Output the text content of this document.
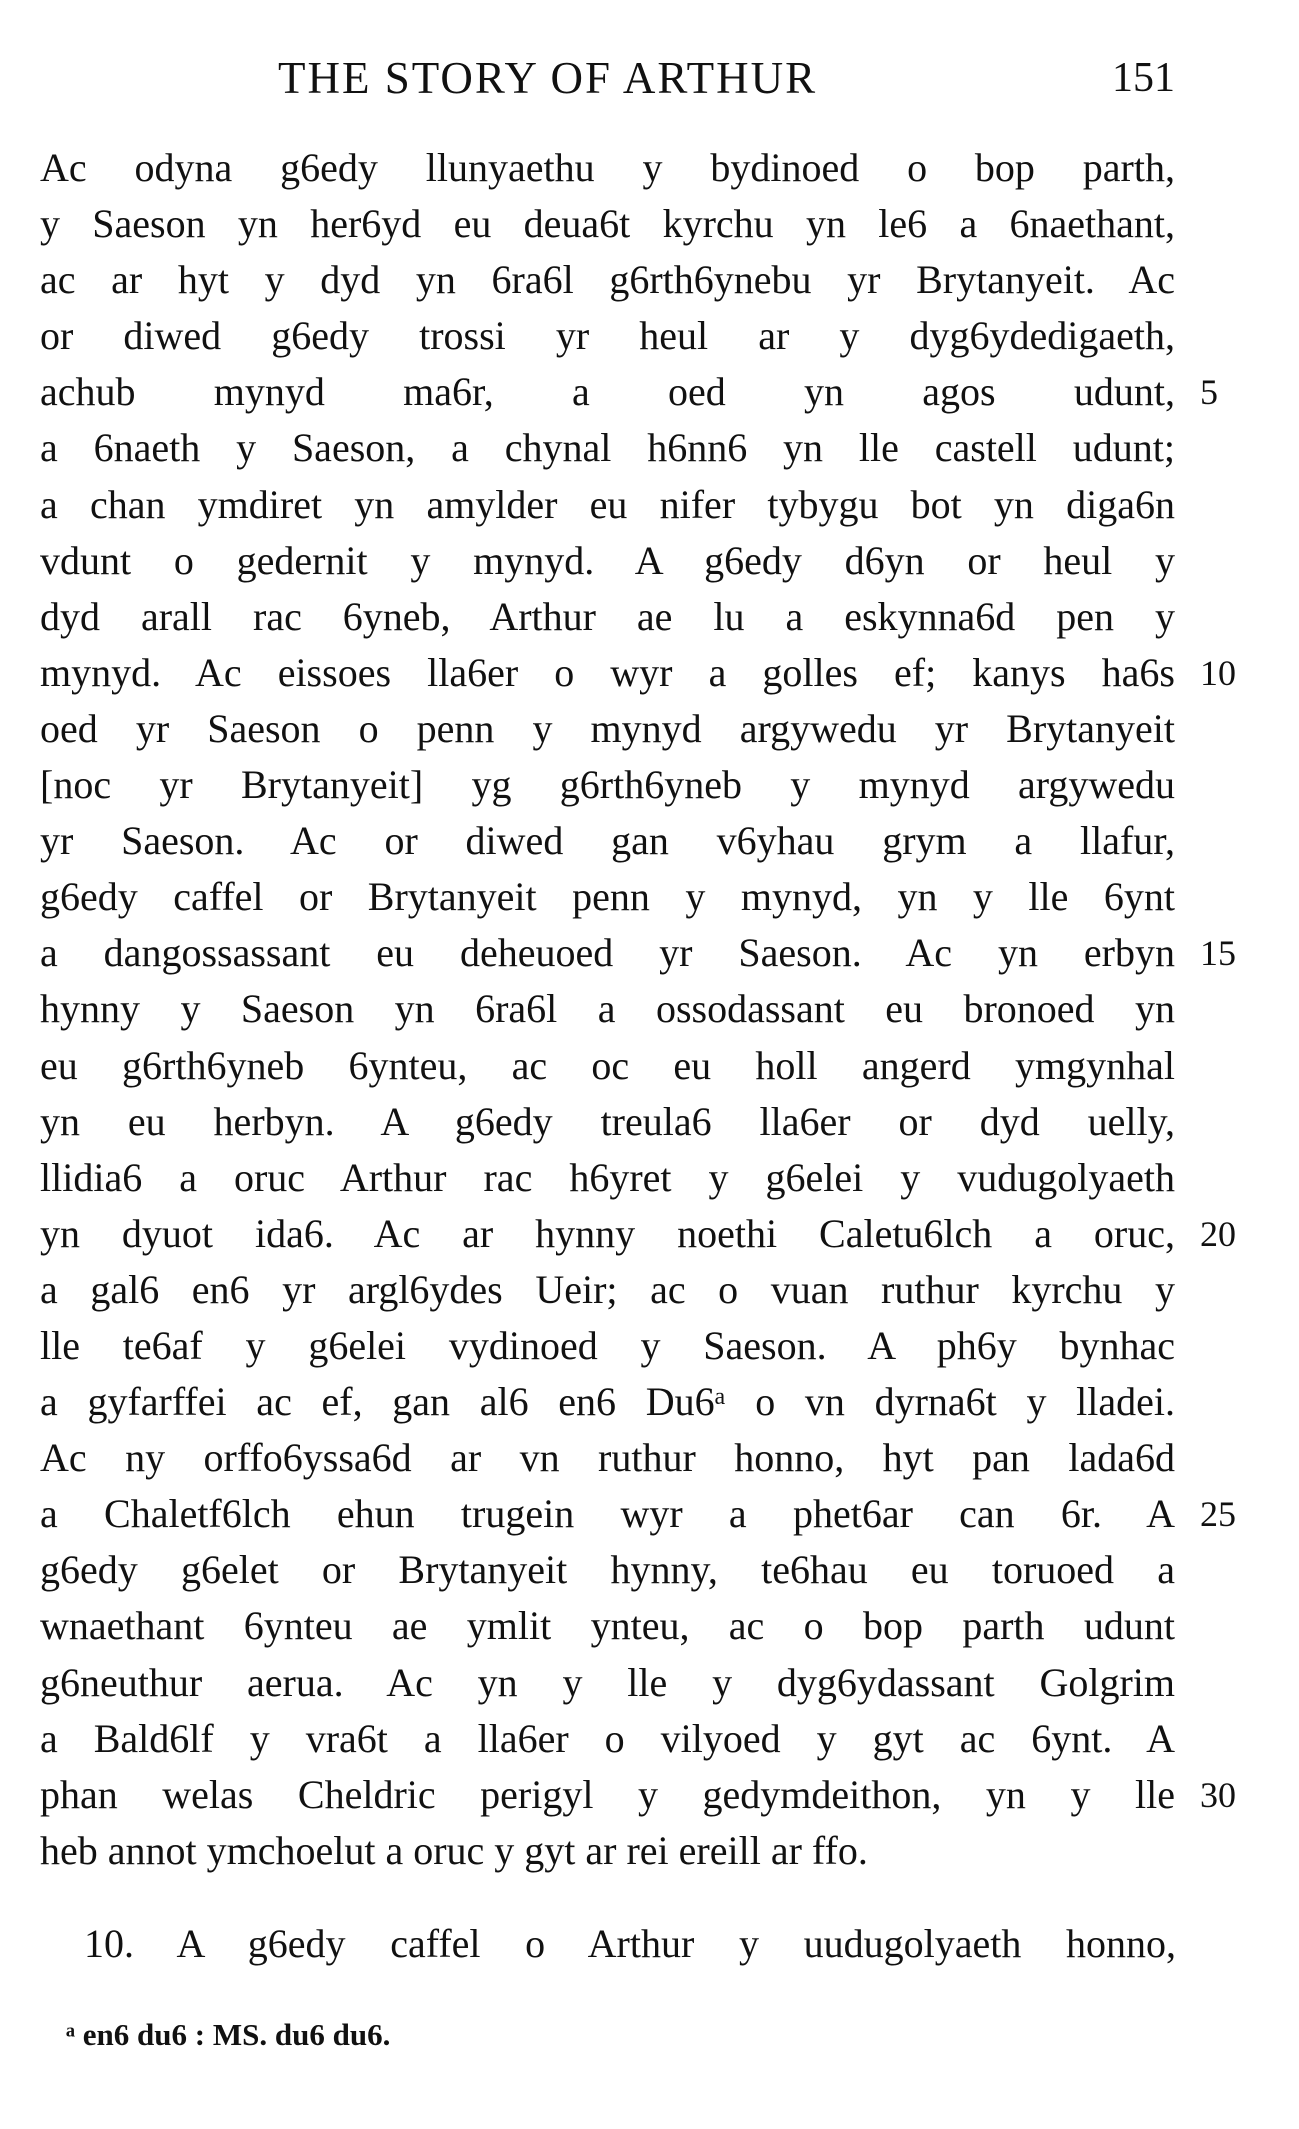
THE STORY OF ARTHUR	151
Ac odyna g6edy llunyaethu y bydinoed o bop parth,
y Saeson yn her6yd eu deua6t kyrchu yn le6 a 6naethant,
ac ar hyt y dyd yn 6ra6l g6rth6ynebu yr Brytanyeit. Ac
or diwed g6edy trossi yr heul ar y dyg6ydedigaeth,
achub mynyd ma6r, a oed yn agos udunt, 5
a 6naeth y Saeson, a chynal h6nn6 yn lle castell udunt;
a chan ymdiret yn amylder eu nifer tybygu bot yn diga6n
vdunt o gedernit y mynyd. A g6edy d6yn or heul y
dyd arall rac 6yneb, Arthur ae lu a eskynna6d pen y
mynyd. Ac eissoes lla6er o wyr a golles ef; kanys ha6s 10
oed yr Saeson o penn y mynyd argywedu yr Brytanyeit
[noc yr Brytanyeit] yg g6rth6yneb y mynyd argywedu
yr Saeson. Ac or diwed gan v6yhau grym a llafur,
g6edy caffel or Brytanyeit penn y mynyd, yn y lle 6ynt
a dangossassant eu deheuoed yr Saeson. Ac yn erbyn 15
hynny y Saeson yn 6ra6l a ossodassant eu bronoed yn
eu g6rth6yneb 6ynteu, ac oc eu holl angerd ymgynhal
yn eu herbyn. A g6edy treula6 lla6er or dyd uelly,
llidia6 a oruc Arthur rac h6yret y g6elei y vudugolyaeth
yn dyuot ida6. Ac ar hynny noethi Caletu6lch a oruc, 20
a gal6 en6 yr argl6ydes Ueir; ac o vuan ruthur kyrchu y
lle te6af y g6elei vydinoed y Saeson. A ph6y bynhac
a gyfarffei ac ef, gan al6 en6 Du6ᵃ o vn dyrna6t y lladei.
Ac ny orffo6yssa6d ar vn ruthur honno, hyt pan lada6d
a Chaletf6lch ehun trugein wyr a phet6ar can 6r. A 25
g6edy g6elet or Brytanyeit hynny, te6hau eu toruoed a
wnaethant 6ynteu ae ymlit ynteu, ac o bop parth udunt
g6neuthur aerua. Ac yn y lle y dyg6ydassant Golgrim
a Bald6lf y vra6t a lla6er o vilyoed y gyt ac 6ynt. A
phan welas Cheldric perigyl y gedymdeithon, yn y lle 30
heb annot ymchoelut a oruc y gyt ar rei ereill ar ffo.
10. A g6edy caffel o Arthur y uudugolyaeth honno,
ᵃ en6 du6 : MS. du6 du6.
